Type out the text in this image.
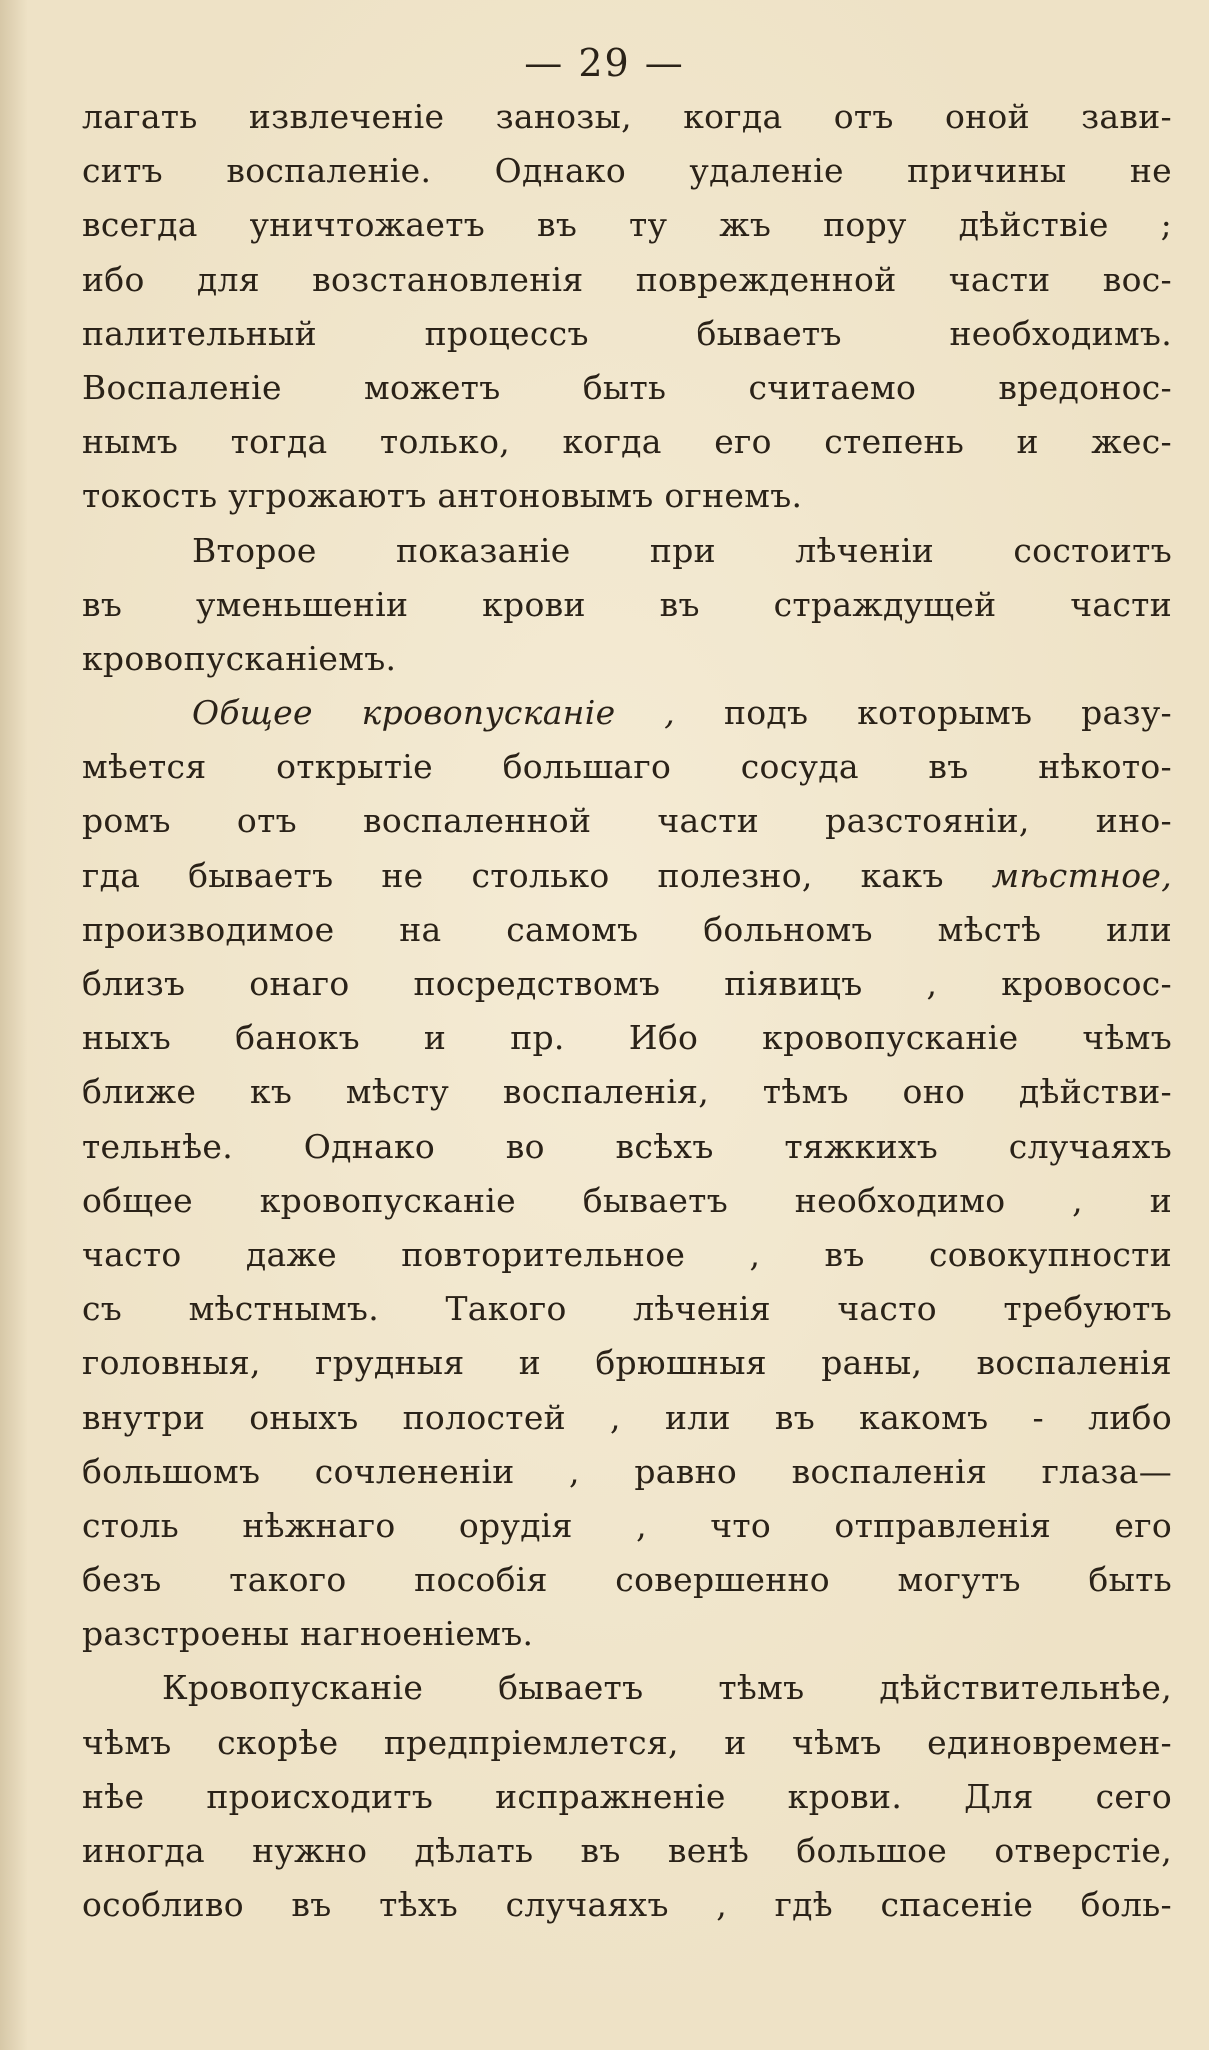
— 29 —
лагать извлеченіе занозы, когда отъ оной зави-
ситъ воспаленіе. Однако удаленіе причины не
всегда уничтожаетъ въ ту жъ пору дѣйствіе ;
ибо для возстановленія поврежденной части вос-
палительный процессъ бываетъ необходимъ.
Воспаленіе можетъ быть считаемо вредонос-
нымъ тогда только, когда его степень и жес-
токость угрожаютъ антоновымъ огнемъ.
Второе показаніе при лѣченіи состоитъ
въ уменьшеніи крови въ страждущей части
кровопусканіемъ.
Общее кровопусканіе , подъ которымъ разу-
мѣется открытіе большаго сосуда въ нѣкото-
ромъ отъ воспаленной части разстояніи, ино-
гда бываетъ не столько полезно, какъ мѣстное,
производимое на самомъ больномъ мѣстѣ или
близъ онаго посредствомъ піявицъ , кровосос-
ныхъ банокъ и пр. Ибо кровопусканіе чѣмъ
ближе къ мѣсту воспаленія, тѣмъ оно дѣйстви-
тельнѣе. Однако во всѣхъ тяжкихъ случаяхъ
общее кровопусканіе бываетъ необходимо , и
часто даже повторительное , въ совокупности
съ мѣстнымъ. Такого лѣченія часто требуютъ
головныя, грудныя и брюшныя раны, воспаленія
внутри оныхъ полостей , или въ какомъ - либо
большомъ сочлененіи , равно воспаленія глаза—
столь нѣжнаго орудія , что отправленія его
безъ такого пособія совершенно могутъ быть
разстроены нагноеніемъ.
Кровопусканіе бываетъ тѣмъ дѣйствительнѣе,
чѣмъ скорѣе предпріемлется, и чѣмъ единовремен-
нѣе происходитъ испражненіе крови. Для сего
иногда нужно дѣлать въ венѣ большое отверстіе,
особливо въ тѣхъ случаяхъ , гдѣ спасеніе боль-
